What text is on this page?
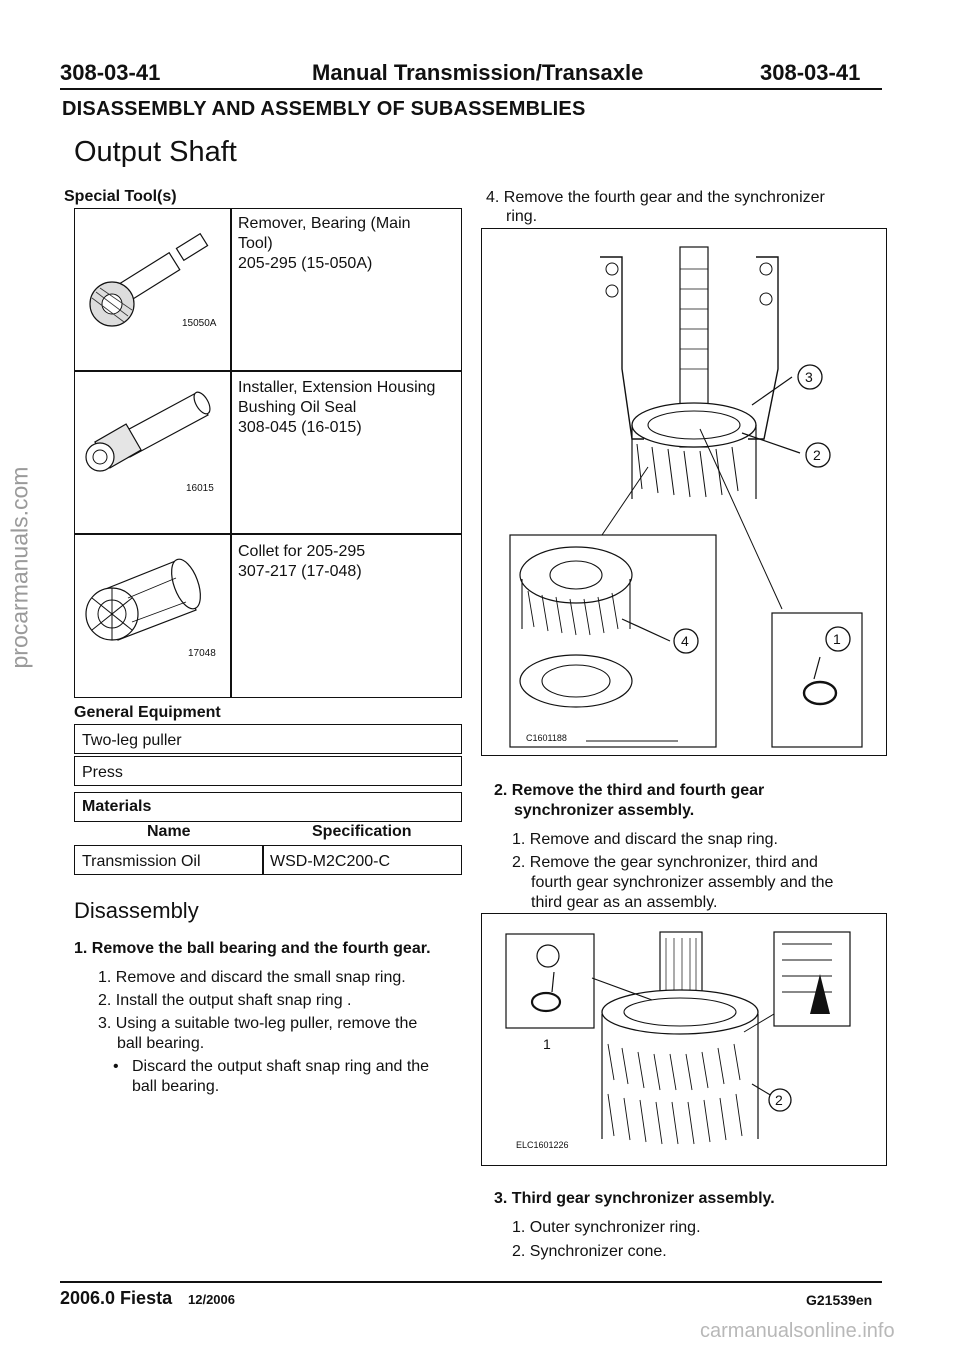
308-03-41	Manual Transmission/Transaxle	308-03-41
DISASSEMBLY AND ASSEMBLY OF SUBASSEMBLIES
Output Shaft
Special Tool(s)
15050A
Remover, Bearing (Main
Tool)
205-295 (15-050A)
16015
Installer, Extension Housing
Bushing Oil Seal
308-045 (16-015)
17048
Collet for 205-295
307-217 (17-048)
General Equipment
Two-leg puller
Press
Materials
Name	Specification
Transmission Oil	WSD-M2C200-C
Disassembly
1. Remove the ball bearing and the fourth gear.
1. Remove and discard the small snap ring.
2. Install the output shaft snap ring .
3. Using a suitable two-leg puller, remove the
ball bearing.
• Discard the output shaft snap ring and the
ball bearing.
4. Remove the fourth gear and the synchronizer
ring.
3
2
4	1
C1601188
2. Remove the third and fourth gear
synchronizer assembly.
1. Remove and discard the snap ring.
2. Remove the gear synchronizer, third and
fourth gear synchronizer assembly and the
third gear as an assembly.
1
2
ELC1601226
3. Third gear synchronizer assembly.
1. Outer synchronizer ring.
2. Synchronizer cone.
2006.0 Fiesta 12/2006	G21539en
procarmanuals.com
carmanualsonline.info
